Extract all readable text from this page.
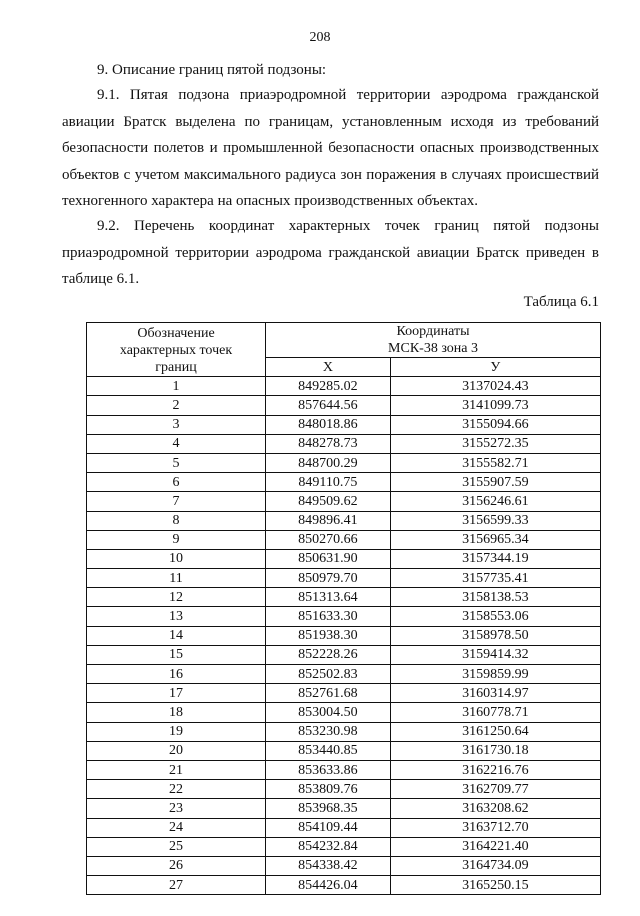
208
9. Описание границ пятой подзоны:

9.1. Пятая подзона приаэродромной территории аэродрома гражданской авиации Братск выделена по границам, установленным исходя из требований безопасности полетов и промышленной безопасности опасных производственных объектов с учетом максимального радиуса зон поражения в случаях происшествий техногенного характера на опасных производственных объектах.

9.2. Перечень координат характерных точек границ пятой подзоны приаэродромной территории аэродрома гражданской авиации Братск приведен в таблице 6.1.

Таблица 6.1
Обозначение
характерных точек
границ	Координаты
МСК-38 зона 3	
	X	У
1	849285.02	3137024.43
2	857644.56	3141099.73
3	848018.86	3155094.66
4	848278.73	3155272.35
5	848700.29	3155582.71
6	849110.75	3155907.59
7	849509.62	3156246.61
8	849896.41	3156599.33
9	850270.66	3156965.34
10	850631.90	3157344.19
11	850979.70	3157735.41
12	851313.64	3158138.53
13	851633.30	3158553.06
14	851938.30	3158978.50
15	852228.26	3159414.32
16	852502.83	3159859.99
17	852761.68	3160314.97
18	853004.50	3160778.71
19	853230.98	3161250.64
20	853440.85	3161730.18
21	853633.86	3162216.76
22	853809.76	3162709.77
23	853968.35	3163208.62
24	854109.44	3163712.70
25	854232.84	3164221.40
26	854338.42	3164734.09
27	854426.04	3165250.15
